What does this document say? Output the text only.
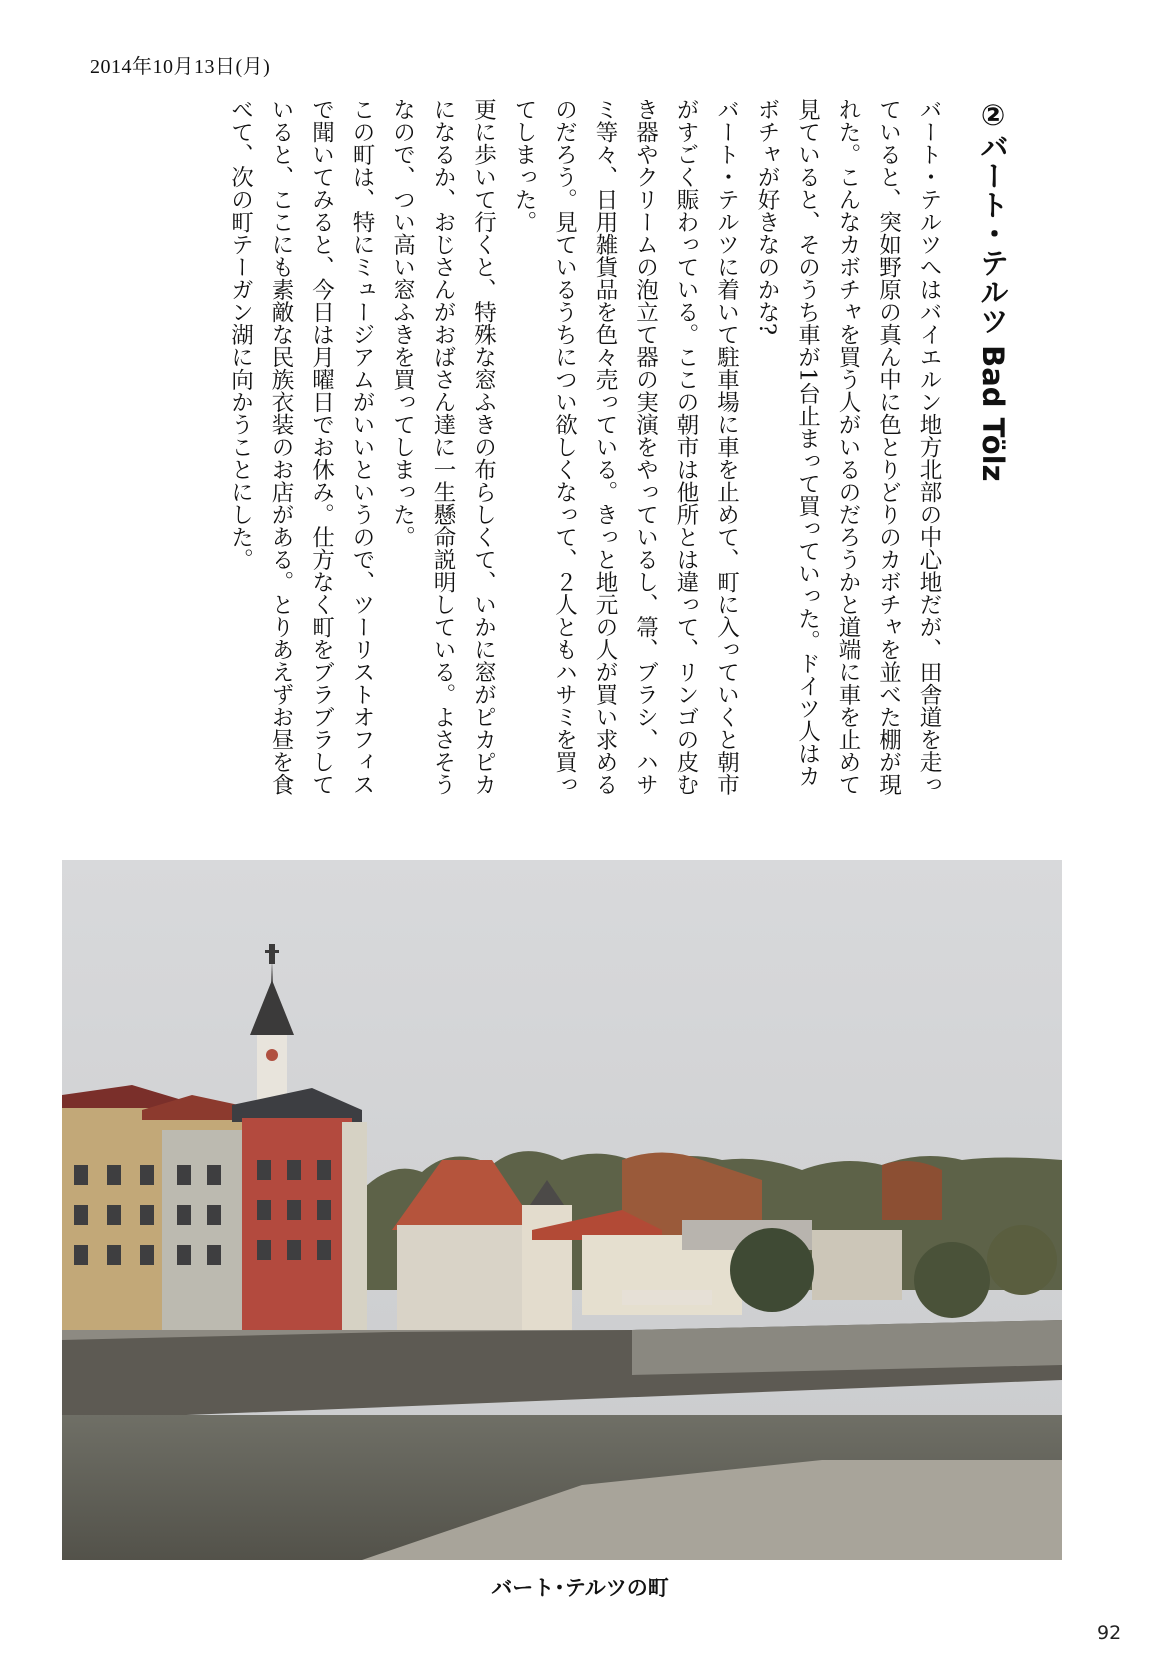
2014年10月13日(月)
②バート・テルツ Bad Tölz

バート・テルツへはバイエルン地方北部の中心地だが、田舎道を走っていると、突如野原の真ん中に色とりどりのカボチャを並べた棚が現れた。こんなカボチャを買う人がいるのだろうかと道端に車を止めて見ていると、そのうち車が1台止まって買っていった。ドイツ人はカボチャが好きなのかな?

バート・テルツに着いて駐車場に車を止めて、町に入っていくと朝市がすごく賑わっている。ここの朝市は他所とは違って、リンゴの皮むき器やクリームの泡立て器の実演をやっているし、箒、ブラシ、ハサミ等々、日用雑貨品を色々売っている。きっと地元の人が買い求めるのだろう。見ているうちについ欲しくなって、２人ともハサミを買ってしまった。

更に歩いて行くと、特殊な窓ふきの布らしくて、いかに窓がピカピカになるか、おじさんがおばさん達に一生懸命説明している。よさそうなので、つい高い窓ふきを買ってしまった。

この町は、特にミュージアムがいいというので、ツーリストオフィスで聞いてみると、今日は月曜日でお休み。仕方なく町をブラブラしていると、ここにも素敵な民族衣装のお店がある。とりあえずお昼を食べて、次の町テーガン湖に向かうことにした。

バート･テルツの町
92
